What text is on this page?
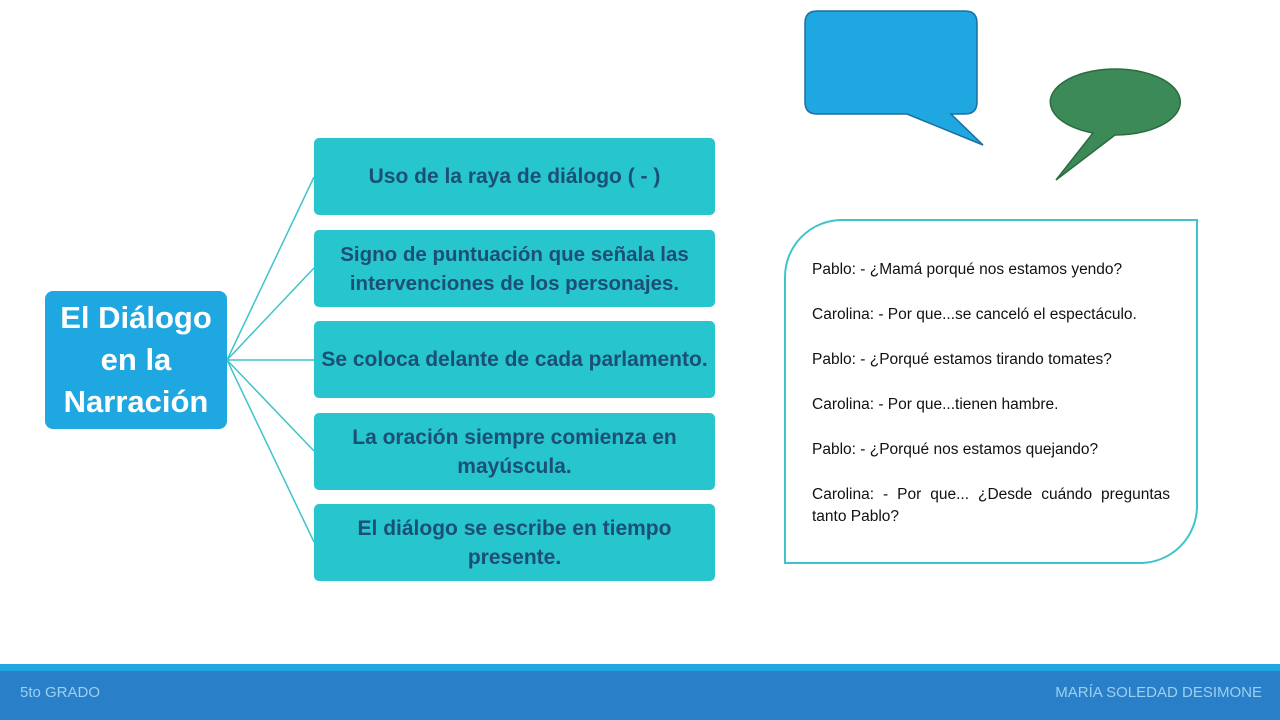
El Diálogo
en la
Narración
Uso de la raya de diálogo ( - )
Signo de puntuación que señala las intervenciones de los personajes.
Se coloca delante de cada parlamento.
La oración siempre comienza en mayúscula.
El diálogo se escribe en tiempo presente.

Pablo: - ¿Mamá porqué nos estamos yendo?

Carolina: - Por que...se canceló el espectáculo.

Pablo: - ¿Porqué estamos tirando tomates?

Carolina: - Por que...tienen hambre.

Pablo: - ¿Porqué nos estamos quejando?

Carolina: - Por que... ¿Desde cuándo preguntas tanto Pablo?

5to GRADO	MARÍA SOLEDAD DESIMONE
